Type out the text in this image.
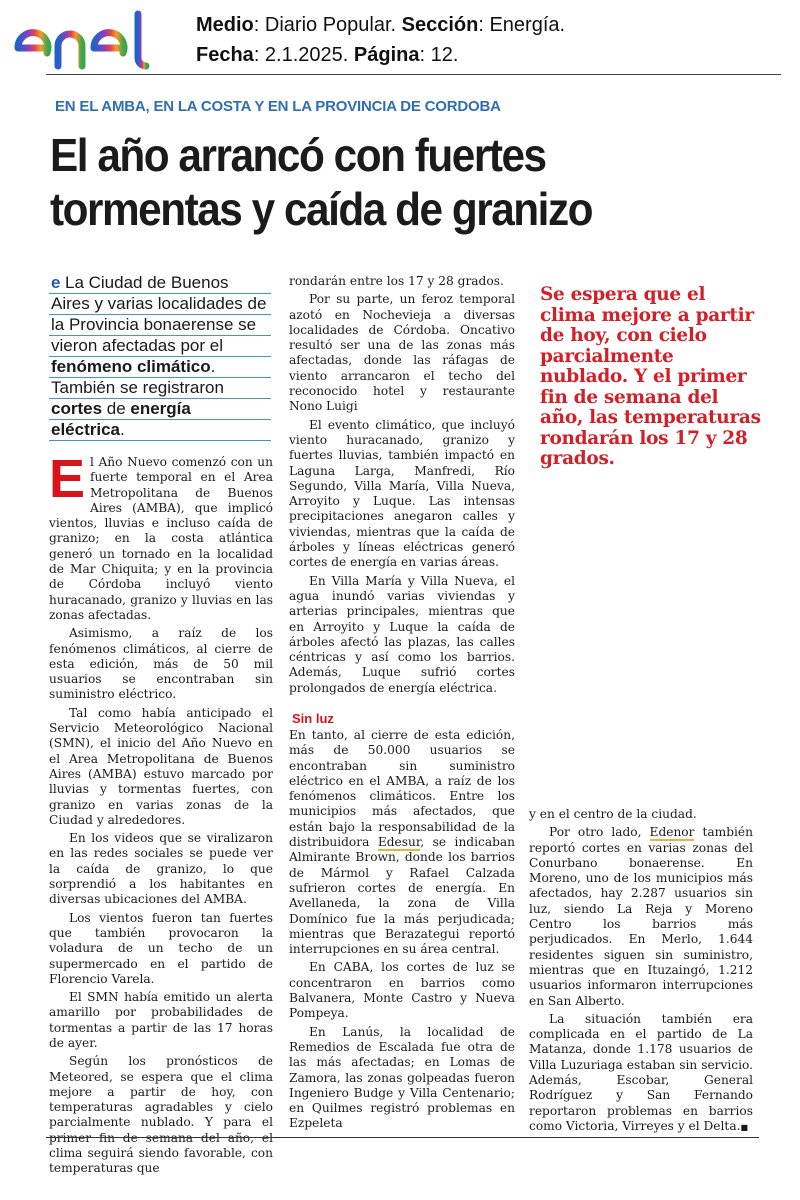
Medio: Diario Popular. Sección: Energía.
Fecha: 2.1.2025. Página: 12.
EN EL AMBA, EN LA COSTA Y EN LA PROVINCIA DE CORDOBA
El año arrancó con fuertes
tormentas y caída de granizo
e La Ciudad de Buenos
Aires y varias localidades de
la Provincia bonaerense se
vieron afectadas por el
fenómeno climático.
También se registraron
cortes de energía
eléctrica.

El Año Nuevo comenzó con un fuerte temporal en el Area Metropolitana de Buenos Aires (AMBA), que implicó vientos, lluvias e incluso caída de granizo; en la costa atlántica generó un tornado en la localidad de Mar Chiquita; y en la provincia de Córdoba incluyó viento huracanado, granizo y lluvias en las zonas afectadas.

Asimismo, a raíz de los fenómenos climáticos, al cierre de esta edición, más de 50 mil usuarios se encontraban sin suministro eléctrico.

Tal como había anticipado el Servicio Meteorológico Nacional (SMN), el inicio del Año Nuevo en el Area Metropolitana de Buenos Aires (AMBA) estuvo marcado por lluvias y tormentas fuertes, con granizo en varias zonas de la Ciudad y alrededores.

En los videos que se viralizaron en las redes sociales se puede ver la caída de granizo, lo que sorprendió a los habitantes en diversas ubicaciones del AMBA.

Los vientos fueron tan fuertes que también provocaron la voladura de un techo de un supermercado en el partido de Florencio Varela.

El SMN había emitido un alerta amarillo por probabilidades de tormentas a partir de las 17 horas de ayer.

Según los pronósticos de Meteored, se espera que el clima mejore a partir de hoy, con temperaturas agradables y cielo parcialmente nublado. Y para el clima seguirá siendo favorable, con temperaturas que

rondarán entre los 17 y 28 grados.

Por su parte, un feroz temporal azotó en Nochevieja a diversas localidades de Córdoba. Oncativo resultó ser una de las zonas más afectadas, donde las ráfagas de viento arrancaron el techo del reconocido hotel y restaurante Nono Luigi

El evento climático, que incluyó viento huracanado, granizo y fuertes lluvias, también impactó en Laguna Larga, Manfredi, Río Segundo, Villa María, Villa Nueva, Arroyito y Luque. Las intensas precipitaciones anegaron calles y viviendas, mientras que la caída de árboles y líneas eléctricas generó cortes de energía en varias áreas.

En Villa María y Villa Nueva, el agua inundó varias viviendas y arterias principales, mientras que en Arroyito y Luque la caída de árboles afectó las plazas, las calles céntricas y así como los barrios. Además, Luque sufrió cortes prolongados de energía eléctrica.

Sin luz

En tanto, al cierre de esta edición, más de 50.000 usuarios se encontraban sin suministro eléctrico en el AMBA, a raíz de los fenómenos climáticos. Entre los municipios más afectados, que están bajo la responsabilidad de la distribuidora Edesur, se indicaban Almirante Brown, donde los barrios de Mármol y Rafael Calzada sufrieron cortes de energía. En Avellaneda, la zona de Villa Domínico fue la más perjudicada; mientras que Berazategui reportó interrupciones en su área central.

En CABA, los cortes de luz se concentraron en barrios como Balvanera, Monte Castro y Nueva Pompeya.

En Lanús, la localidad de Remedios de Escalada fue otra de las más afectadas; en Lomas de Zamora, las zonas golpeadas fueron Ingeniero Budge y Villa Centenario; en Quilmes registró problemas en Ezpeleta

Se espera que el clima mejore a partir de hoy, con cielo parcialmente nublado. Y el primer fin de semana del año, las temperaturas rondarán los 17 y 28 grados.

y en el centro de la ciudad.

Por otro lado, Edenor también reportó cortes en varias zonas del Conurbano bonaerense. En Moreno, uno de los municipios más afectados, hay 2.287 usuarios sin luz, siendo La Reja y Moreno Centro los barrios más perjudicados. En Merlo, 1.644 residentes siguen sin suministro, mientras que en Ituzaingó, 1.212 usuarios informaron interrupciones en San Alberto.

La situación también era complicada en el partido de La Matanza, donde 1.178 usuarios de Villa Luzuriaga estaban sin servicio. Además, Escobar, General Rodríguez y San Fernando reportaron problemas en barrios como Victoria, Virreyes y el Delta.■
